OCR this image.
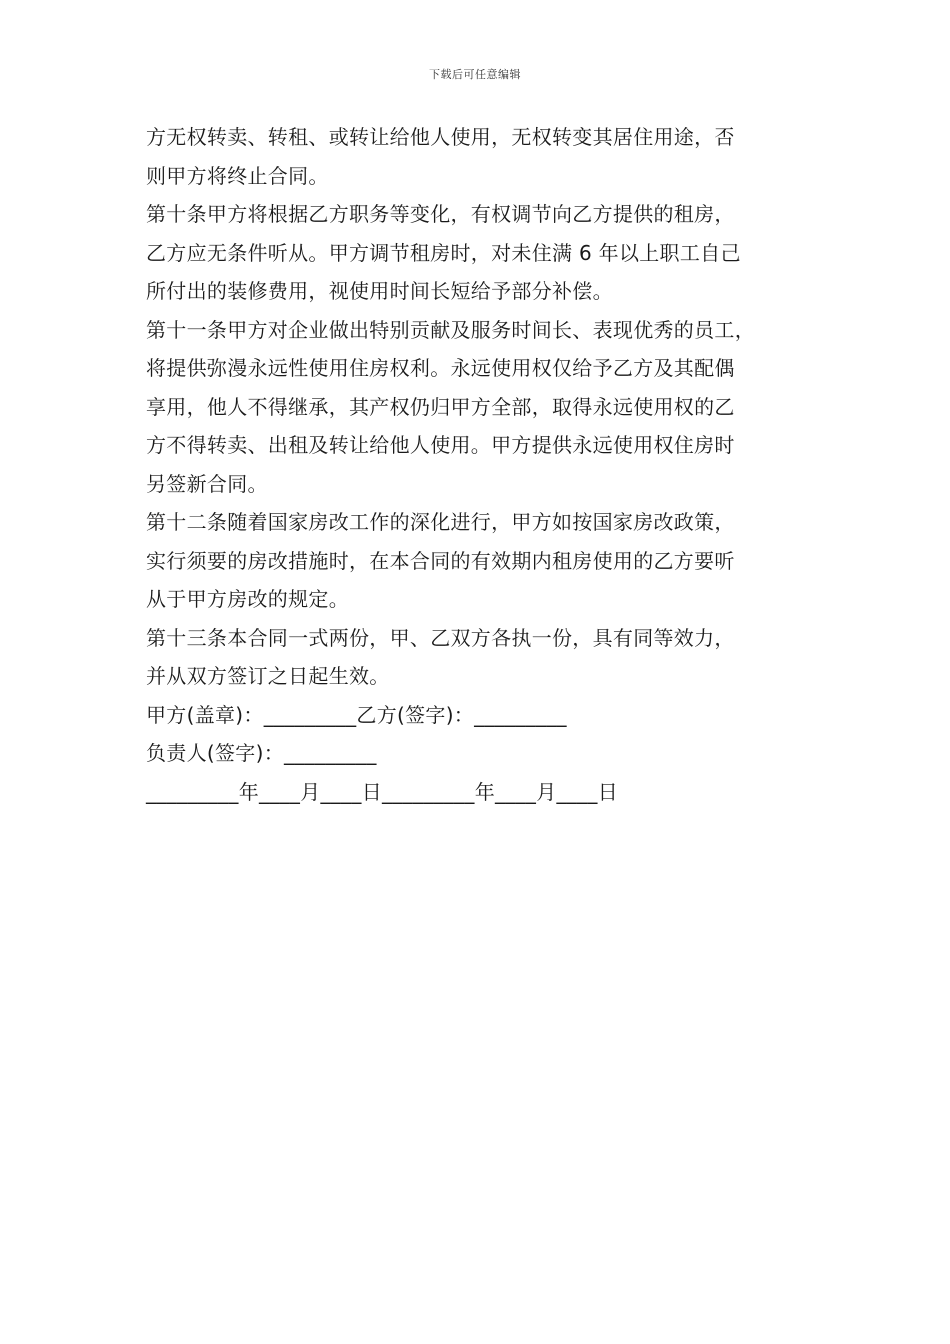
下载后可任意编辑
方无权转卖、转租、或转让给他人使用，无权转变其居住用途，否
则甲方将终止合同。
第十条甲方将根据乙方职务等变化，有权调节向乙方提供的租房，
乙方应无条件听从。甲方调节租房时，对未住满 6 年以上职工自己
所付出的装修费用，视使用时间长短给予部分补偿。
第十一条甲方对企业做出特别贡献及服务时间长、表现优秀的员工，
将提供弥漫永远性使用住房权利。永远使用权仅给予乙方及其配偶
享用，他人不得继承，其产权仍归甲方全部，取得永远使用权的乙
方不得转卖、出租及转让给他人使用。甲方提供永远使用权住房时
另签新合同。
第十二条随着国家房改工作的深化进行，甲方如按国家房改政策，
实行须要的房改措施时，在本合同的有效期内租房使用的乙方要听
从于甲方房改的规定。
第十三条本合同一式两份，甲、乙双方各执一份，具有同等效力，
并从双方签订之日起生效。
甲方(盖章)：_________乙方(签字)：_________
负责人(签字)：_________
_________年____月____日_________年____月____日
